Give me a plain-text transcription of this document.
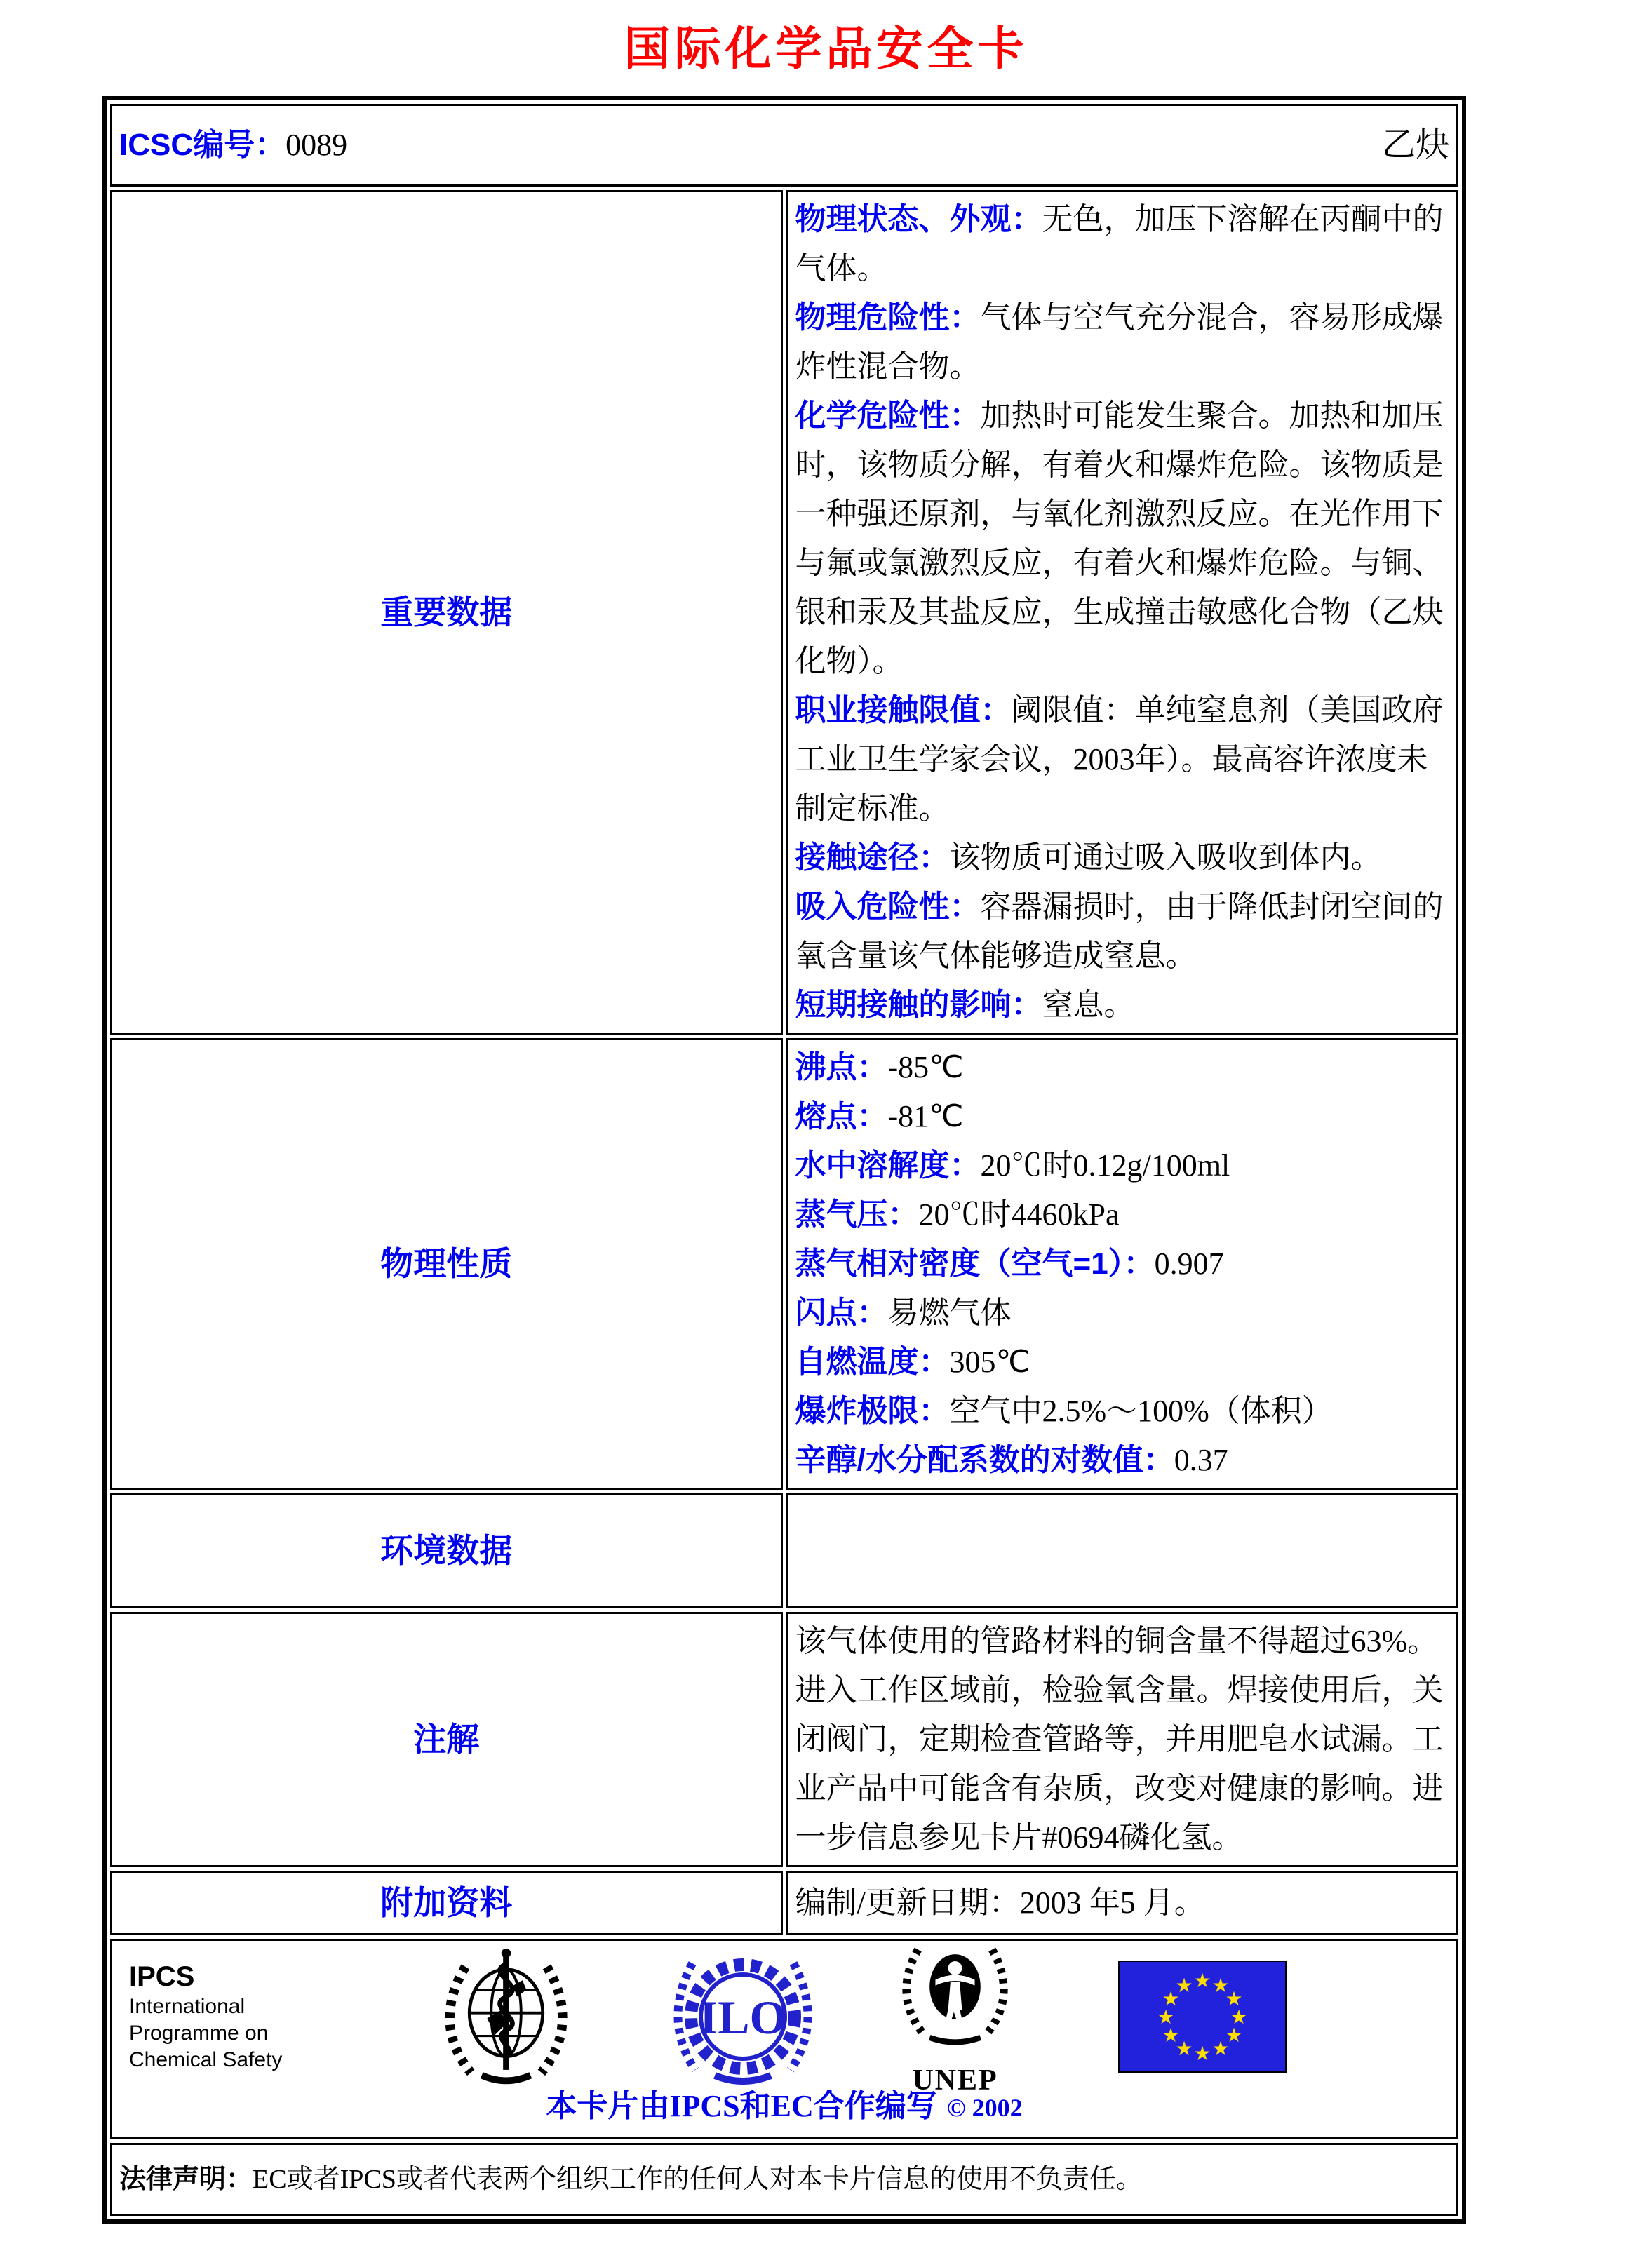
国际化学品安全卡
ICSC编号：0089 乙炔	

重要数据	
物理状态、外观：无色，加压下溶解在丙酮中的气体。
物理危险性：气体与空气充分混合，容易形成爆炸性混合物。
化学危险性：加热时可能发生聚合。加热和加压时，该物质分解，有着火和爆炸危险。该物质是一种强还原剂，与氧化剂激烈反应。在光作用下与氟或氯激烈反应，有着火和爆炸危险。与铜、银和汞及其盐反应，生成撞击敏感化合物（乙炔化物）。
职业接触限值：阈限值：单纯窒息剂（美国政府工业卫生学家会议，2003年）。最高容许浓度未制定标准。
接触途径：该物质可通过吸入吸收到体内。
吸入危险性：容器漏损时，由于降低封闭空间的氧含量该气体能够造成窒息。
短期接触的影响：窒息。

物理性质	
沸点：-85℃
熔点：-81℃
水中溶解度：20℃时0.12g/100ml
蒸气压：20℃时4460kPa
蒸气相对密度（空气=1）：0.907
闪点：易燃气体
自燃温度：305℃
爆炸极限：空气中2.5%～100%（体积）
辛醇/水分配系数的对数值：0.37

环境数据	
注解	该气体使用的管路材料的铜含量不得超过63%。进入工作区域前，检验氧含量。焊接使用后，关闭阀门，定期检查管路等，并用肥皂水试漏。工业产品中可能含有杂质，改变对健康的影响。进一步信息参见卡片#0694磷化氢。
附加资料	编制/更新日期：2003 年5 月。

IPCS
International
Programme on
Chemical Safety
ILO
UNEP
★ ★
★
★
★
★
★
★
★
★
★
★
本卡片由IPCS和EC合作编写 © 2002

法律声明：EC或者IPCS或者代表两个组织工作的任何人对本卡片信息的使用不负责任。	
